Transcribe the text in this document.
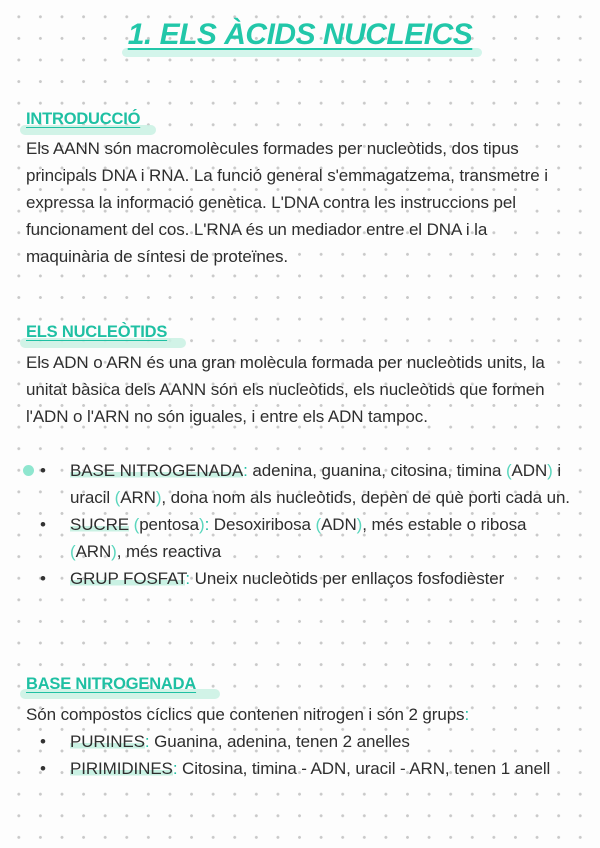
1. ELS ÀCIDS NUCLEICS
INTRODUCCIÓ

Els AANN són macromolècules formades per nucleòtids, dos tipus principals DNA i RNA. La funció general s'emmagatzema, transmetre i expressa la informació genètica. L'DNA contra les instruccions pel funcionament del cos. L'RNA és un mediador entre el DNA i la maquinària de síntesi de proteïnes.

ELS NUCLEÒTIDS

Els ADN o ARN és una gran molècula formada per nucleòtids units, la unitat bàsica dels AANN són els nucleòtids, els nucleòtids que formen l'ADN o l'ARN no són iguales, i entre els ADN tampoc.

• BASE NITROGENADA: adenina, guanina, citosina, timina (ADN) i uracil (ARN), dona nom als nucleòtids, depèn de què porti cada un.
• SUCRE (pentosa): Desoxiribosa (ADN), més estable o ribosa (ARN), més reactiva
• GRUP FOSFAT: Uneix nucleòtids per enllaços fosfodièster
BASE NITROGENADA

Són compostos cíclics que contenen nitrogen i són 2 grups:

• PURINES: Guanina, adenina, tenen 2 anelles
• PIRIMIDINES: Citosina, timina - ADN, uracil - ARN, tenen 1 anell
